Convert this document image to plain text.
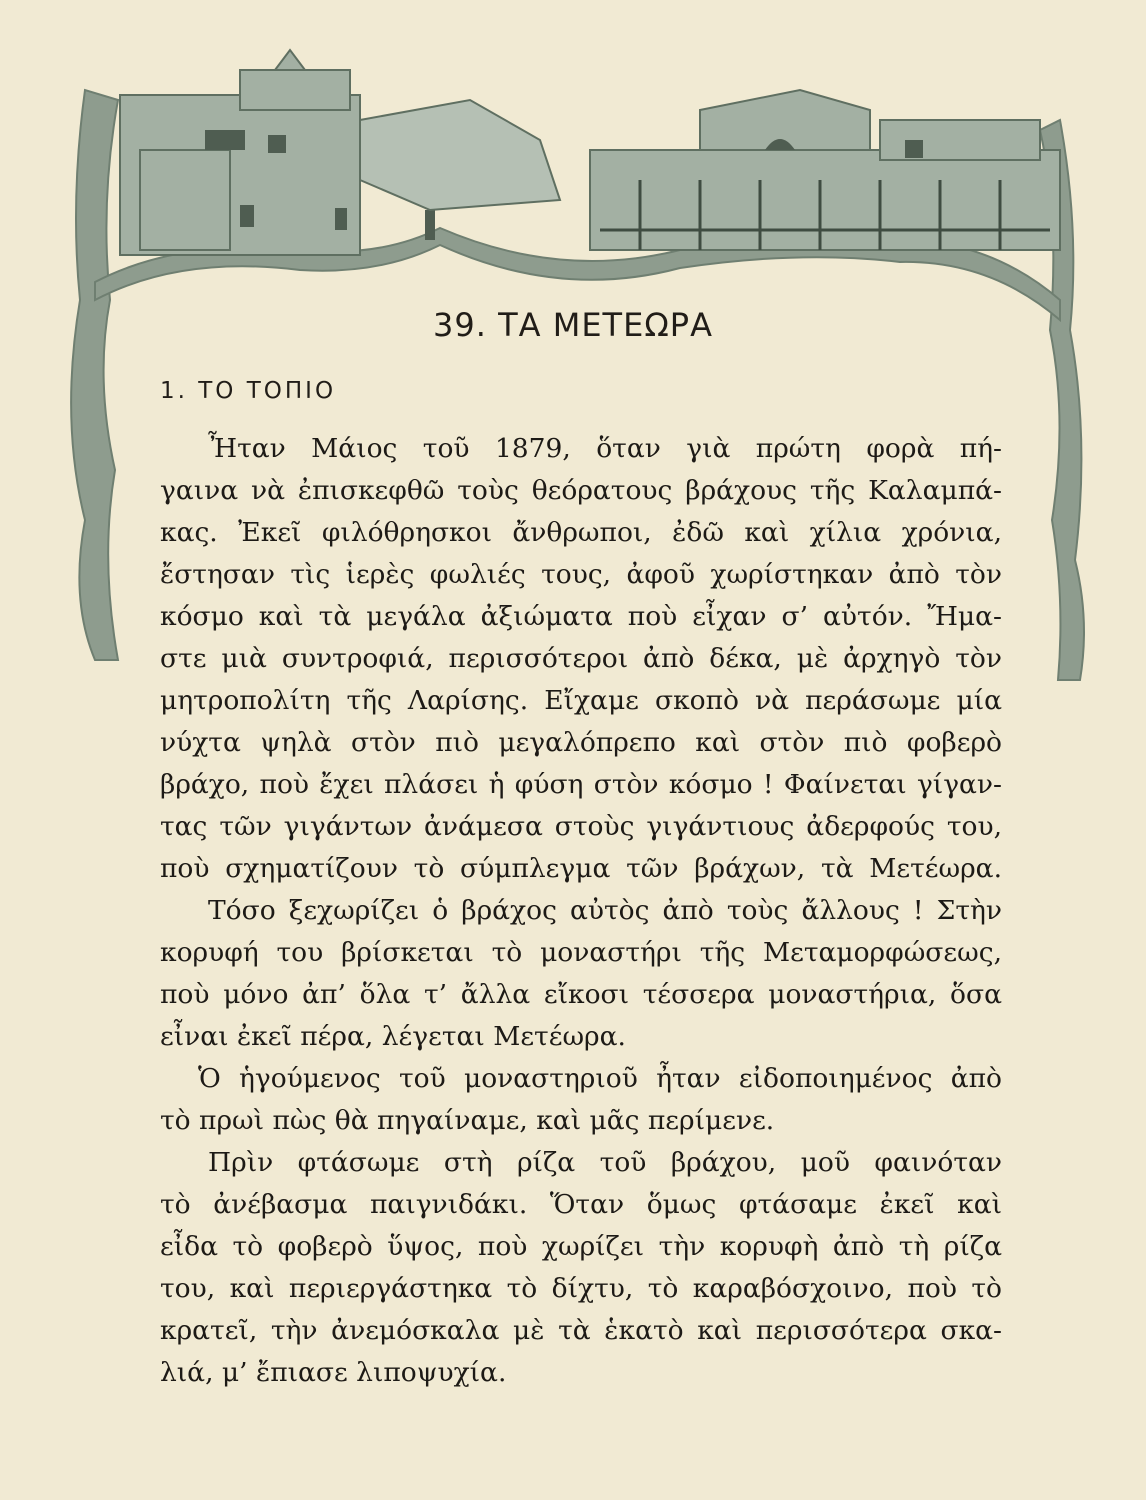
39. ΤΑ ΜΕΤΕΩΡΑ
1. ΤΟ ΤΟΠΙΟ
Ἦταν Μάιος τοῦ 1879, ὅταν γιὰ πρώτη φορὰ πή-
γαινα νὰ ἐπισκεφθῶ τοὺς θεόρατους βράχους τῆς Καλαμπά-
κας. Ἐκεῖ φιλόθρησκοι ἄνθρωποι, ἐδῶ καὶ χίλια χρόνια,
ἔστησαν τὶς ἱερὲς φωλιές τους, ἀφοῦ χωρίστηκαν ἀπὸ τὸν
κόσμο καὶ τὰ μεγάλα ἀξιώματα ποὺ εἶχαν σ’ αὐτόν. Ἤμα-
στε μιὰ συντροφιά, περισσότεροι ἀπὸ δέκα, μὲ ἀρχηγὸ τὸν
μητροπολίτη τῆς Λαρίσης. Εἴχαμε σκοπὸ νὰ περάσωμε μία
νύχτα ψηλὰ στὸν πιὸ μεγαλόπρεπο καὶ στὸν πιὸ φοβερὸ
βράχο, ποὺ ἔχει πλάσει ἡ φύση στὸν κόσμο ! Φαίνεται γίγαν-
τας τῶν γιγάντων ἀνάμεσα στοὺς γιγάντιους ἀδερφούς του,
ποὺ σχηματίζουν τὸ σύμπλεγμα τῶν βράχων, τὰ Μετέωρα.
Τόσο ξεχωρίζει ὁ βράχος αὐτὸς ἀπὸ τοὺς ἄλλους ! Στὴν
κορυφή του βρίσκεται τὸ μοναστήρι τῆς Μεταμορφώσεως,
ποὺ μόνο ἀπ’ ὅλα τ’ ἄλλα εἴκοσι τέσσερα μοναστήρια, ὅσα
εἶναι ἐκεῖ πέρα, λέγεται Μετέωρα.
Ὁ ἡγούμενος τοῦ μοναστηριοῦ ἦταν εἰδοποιημένος ἀπὸ
τὸ πρωὶ πὼς θὰ πηγαίναμε, καὶ μᾶς περίμενε.
Πρὶν φτάσωμε στὴ ρίζα τοῦ βράχου, μοῦ φαινόταν
τὸ ἀνέβασμα παιγνιδάκι. Ὅταν ὅμως φτάσαμε ἐκεῖ καὶ
εἶδα τὸ φοβερὸ ὕψος, ποὺ χωρίζει τὴν κορυφὴ ἀπὸ τὴ ρίζα
του, καὶ περιεργάστηκα τὸ δίχτυ, τὸ καραβόσχοινο, ποὺ τὸ
κρατεῖ, τὴν ἀνεμόσκαλα μὲ τὰ ἑκατὸ καὶ περισσότερα σκα-
λιά, μ’ ἔπιασε λιποψυχία.
